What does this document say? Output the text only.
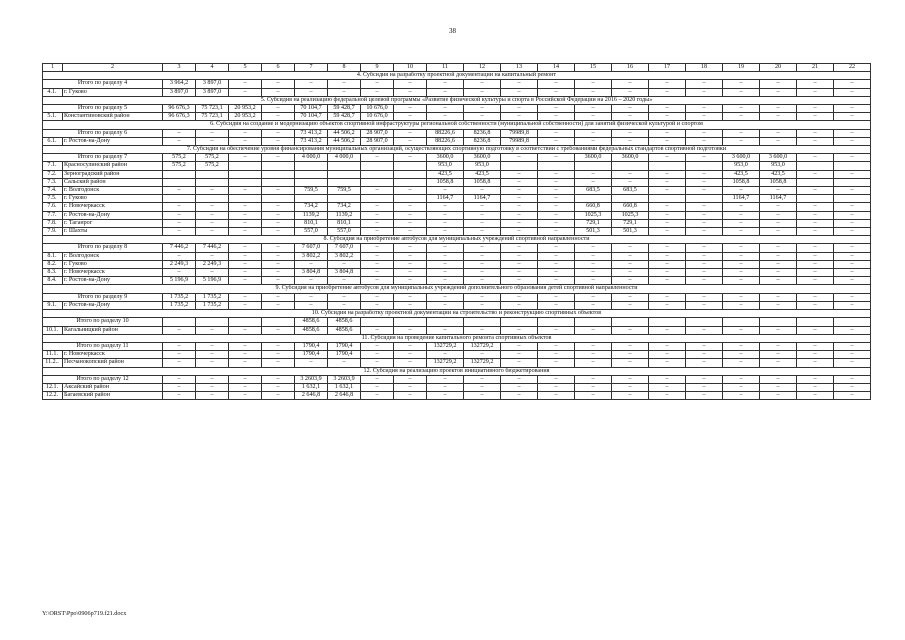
38
1	2	3	4	5	6	7	8	9	10	11	12	13	14	15	16	17	18	19	20	21	22
4. Субсидия на разработку проектной документации на капитальный ремонт																					
Итого по разделу 4		3 964,2	3 897,0	–	–	–	–	–	–	–	–	–	–	–	–	–	–	–	–	–	–
4.1.	г. Гуково	3 897,0	3 897,0	–	–	–	–	–	–	–	–	–	–	–	–	–	–	–	–	–	–
5. Субсидия на реализацию федеральной целевой программы «Развитие физической культуры и спорта в Российской Федерации на 2016 – 2020 годы»																					
Итого по разделу 5		96 676,3	75 723,1	20 953,2	–	70 104,7	59 428,7	10 676,0	–	–	–	–	–	–	–	–	–	–	–	–	–
5.1.	Константиновский район	96 676,3	75 723,1	20 953,2	–	70 104,7	59 428,7	10 676,0	–	–	–	–	–	–	–	–	–	–	–	–	–
6. Субсидия на создание и модернизацию объектов спортивной инфраструктуры региональной собственности (муниципальной собственности) для занятий физической культурой и спортом																					
Итого по разделу 6		–	–	–	–	73 413,2	44 506,2	28 907,0	–	88226,6	8236,8	79989,8	–	–	–	–	–	–	–	–	–
6.1.	г. Ростов-на-Дону	–	–	–	–	73 413,2	44 506,2	28 907,0	–	88226,6	8236,8	79989,8	–	–	–	–	–	–	–	–	–
7. Субсидия на обеспечение уровня финансирования муниципальных организаций, осуществляющих спортивную подготовку в соответствии с требованиями федеральных стандартов спортивной подготовки																					
Итого по разделу 7		575,2	575,2	–	–	4 000,0	4 000,0	–	–	3600,0	3600,0	–	–	3600,0	3600,0	–	–	3 600,0	3 600,0	–	–
7.1.	Красносулинский район	575,2	575,2							953,0	953,0							953,0	953,0		
7.2.	Зерноградский район									423,5	423,5	–	–	–	–	–	–	423,5	423,5	–	–
7.3.	Сальский район									1058,8	1058,8	–	–	–	–	–	–	1058,8	1058,8		
7.4.	г. Волгодонск	–	–	–	–	759,5	759,5	–	–	–	–	–	–	683,5	683,5	–	–	–	–	–	–
7.5.	г. Гуково									1164,7	1164,7	–	–					1164,7	1164,7		
7.6.	г. Новочеркасск	–	–	–	–	734,2	734,2	–	–	–	–	–	–	660,8	660,8	–	–	–	–	–	–
7.7.	г. Ростов-на-Дону	–	–	–	–	1139,2	1139,2	–	–	–	–	–	–	1025,3	1025,3	–	–	–	–	–	–
7.8.	г. Таганрог	–	–	–	–	810,1	810,1	–	–	–	–	–	–	729,1	729,1	–	–	–	–	–	–
7.9.	г. Шахты	–	–	–	–	557,0	557,0	–	–	–	–	–	–	501,3	501,3	–	–	–	–	–	–
8. Субсидия на приобретение автобусов для муниципальных учреждений спортивной направленности																					
Итого по разделу 8		7 446,2	7 446,2	–	–	7 607,0	7 607,0	–	–	–	–	–	–	–	–	–	–	–	–	–	–
8.1.	г. Волгодонск	–	–	–	–	3 802,2	3 802,2	–	–	–	–	–	–	–	–	–	–	–	–	–	–
8.2.	г. Гуково	2 249,3	2 249,3	–	–	–	–	–	–	–	–	–	–	–	–	–	–	–	–	–	–
8.3.	г. Новочеркасск	–	–	–	–	3 804,8	3 804,8	–	–	–	–	–	–	–	–	–	–	–	–	–	–
8.4.	г. Ростов-на-Дону	5 196,9	5 196,9	–	–	–	–	–	–	–	–	–	–	–	–	–	–	–	–	–	–
9. Субсидия на приобретение автобусов для муниципальных учреждений дополнительного образования детей спортивной направленности																					
Итого по разделу 9		1 735,2	1 735,2	–	–	–	–	–	–	–	–	–	–	–	–	–	–	–	–	–	–
9.1.	г. Ростов-на-Дону	1 735,2	1 735,2	–	–	–	–	–	–	–	–	–	–	–	–	–	–	–	–	–	–
10. Субсидия на разработку проектной документации на строительство и реконструкцию спортивных объектов																					
Итого по разделу 10						4858,6	4858,6														
10.1.	Кагальницкий район	–	–	–	–	4858,6	4858,6	–	–	–	–	–	–	–	–	–	–	–	–	–	–
11. Субсидия на проведение капитального ремонта спортивных объектов																					
Итого по разделу 11		–	–	–	–	1790,4	1790,4	–	–	132729,2	132729,2	–	–	–	–	–	–	–	–	–	–
11.1.	г. Новочеркасск	–	–	–	–	1790,4	1790,4	–	–	–	–	–	–	–	–	–	–	–	–	–	–
11.2..	Песчанокопский район	–	–	–	–	–	–	–	–	132729,2	132729,2	–	–	–	–	–	–	–	–	–	–
12. Субсидия на реализацию проектов инициативного бюджетирования																					
Итого по разделу 12		–	–	–	–	3 2603,9	3 2603,9	–	–	–	–	–	–	–	–	–	–	–	–	–	–
12.1.	Аксайский район	–	–	–	–	1 632,1	1 632,1	–	–	–	–	–	–	–	–	–	–	–	–	–	–
12.2.	Багаевский район	–	–	–	–	2 646,8	2 646,8	–	–	–	–	–	–	–	–	–	–	–	–	–	–
Y:\ORST\Ppo\0906p719.f21.docx
